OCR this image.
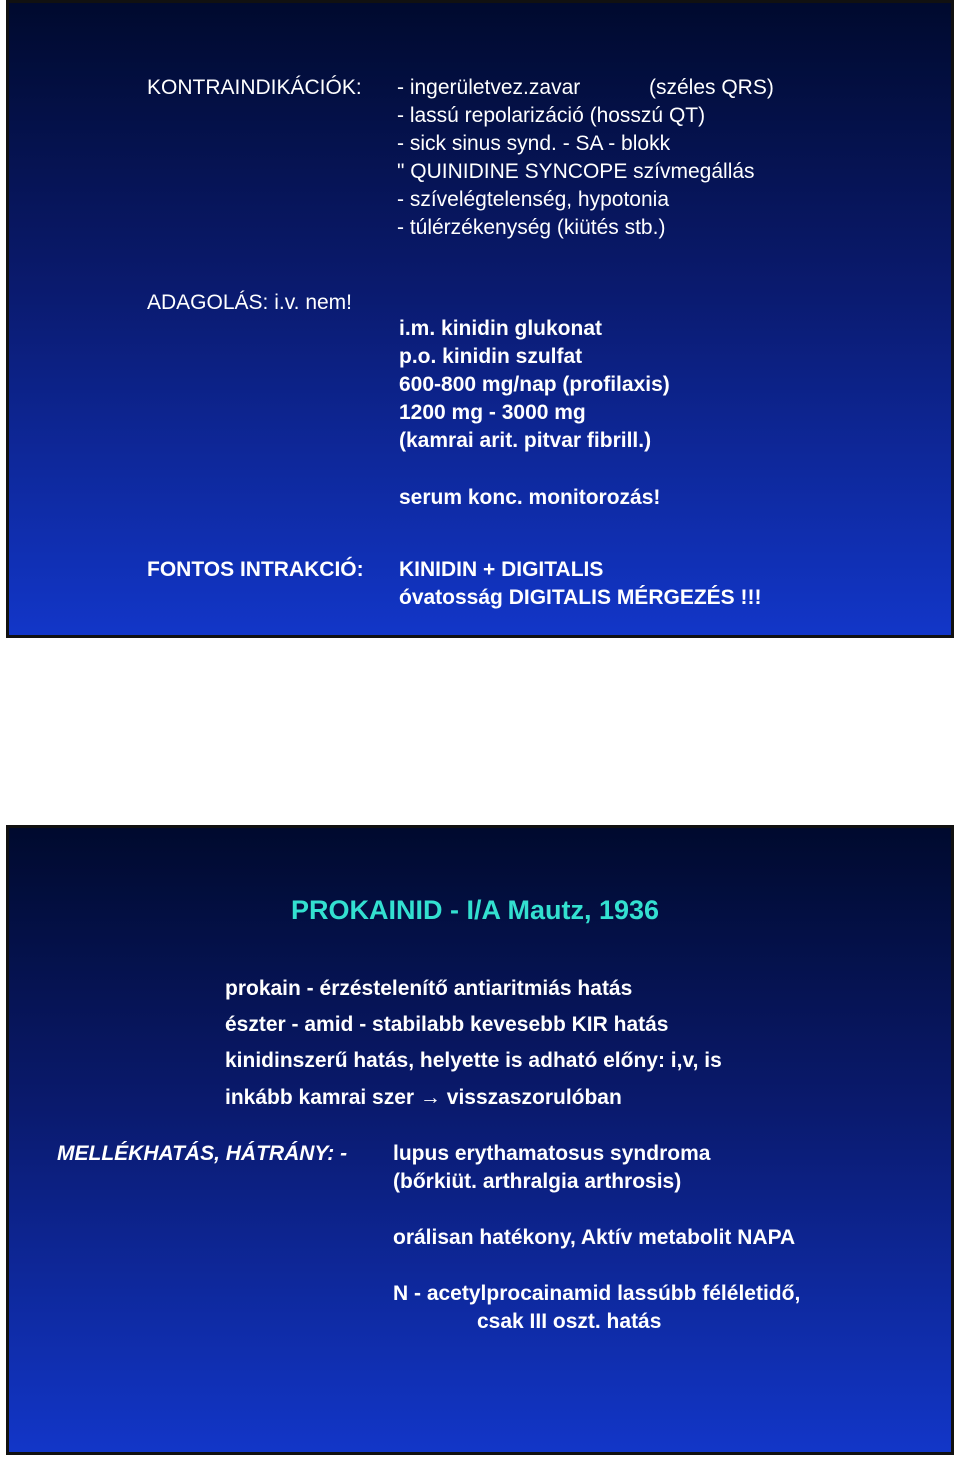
KONTRAINDIKÁCIÓK: - ingerületvez.zavar	(széles QRS)
- lassú repolarizáció (hosszú QT)
- sick sinus synd. - SA - blokk
" QUINIDINE SYNCOPE szívmegállás
- szívelégtelenség, hypotonia
- túlérzékenység (kiütés stb.)
ADAGOLÁS: i.v. nem!
i.m. kinidin glukonat
p.o. kinidin szulfat
600-800 mg/nap (profilaxis)
1200 mg - 3000 mg
(kamrai arit. pitvar fibrill.)
serum konc. monitorozás!
FONTOS INTRAKCIÓ: KINIDIN + DIGITALIS
óvatosság DIGITALIS MÉRGEZÉS !!!
PROKAINID - I/A Mautz, 1936
prokain - érzéstelenítő antiaritmiás hatás
észter - amid - stabilabb kevesebb KIR hatás
kinidinszerű hatás, helyette is adható előny: i,v, is
inkább kamrai szer → visszaszorulóban
MELLÉKHATÁS, HÁTRÁNY: - lupus erythamatosus syndroma
(bőrkiüt. arthralgia arthrosis)
orálisan hatékony, Aktív metabolit NAPA
N - acetylprocainamid lassúbb féléletidő,
csak III oszt. hatás
